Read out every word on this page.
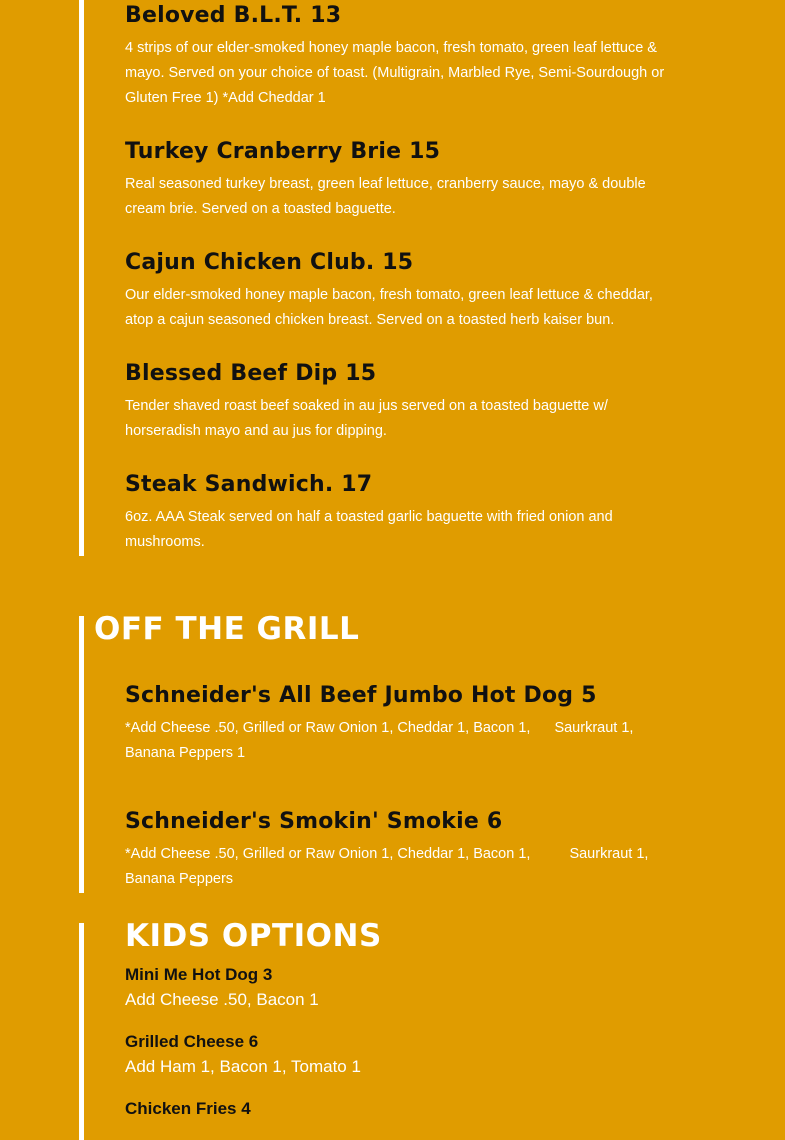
Beloved B.L.T. 13

4 strips of our elder-smoked honey maple bacon, fresh tomato, green leaf lettuce & mayo. Served on your choice of toast. (Multigrain, Marbled Rye, Semi-Sourdough or Gluten Free 1) *Add Cheddar 1

Turkey Cranberry Brie 15

Real seasoned turkey breast, green leaf lettuce, cranberry sauce, mayo & double cream brie. Served on a toasted baguette.

Cajun Chicken Club. 15

Our elder-smoked honey maple bacon, fresh tomato, green leaf lettuce & cheddar, atop a cajun seasoned chicken breast. Served on a toasted herb kaiser bun.

Blessed Beef Dip 15

Tender shaved roast beef soaked in au jus served on a toasted baguette w/ horseradish mayo and au jus for dipping.

Steak Sandwich. 17

6oz. AAA Steak served on half a toasted garlic baguette with fried onion and mushrooms.

OFF THE GRILL
Schneider's All Beef Jumbo Hot Dog 5

*Add Cheese .50, Grilled or Raw Onion 1, Cheddar 1, Bacon 1, Saurkraut 1, Banana Peppers 1

Schneider's Smokin' Smokie 6

*Add Cheese .50, Grilled or Raw Onion 1, Cheddar 1, Bacon 1,	Saurkraut 1, Banana Peppers

KIDS OPTIONS
Mini Me Hot Dog 3
Add Cheese .50, Bacon 1
Grilled Cheese 6
Add Ham 1, Bacon 1, Tomato 1
Chicken Fries 4
